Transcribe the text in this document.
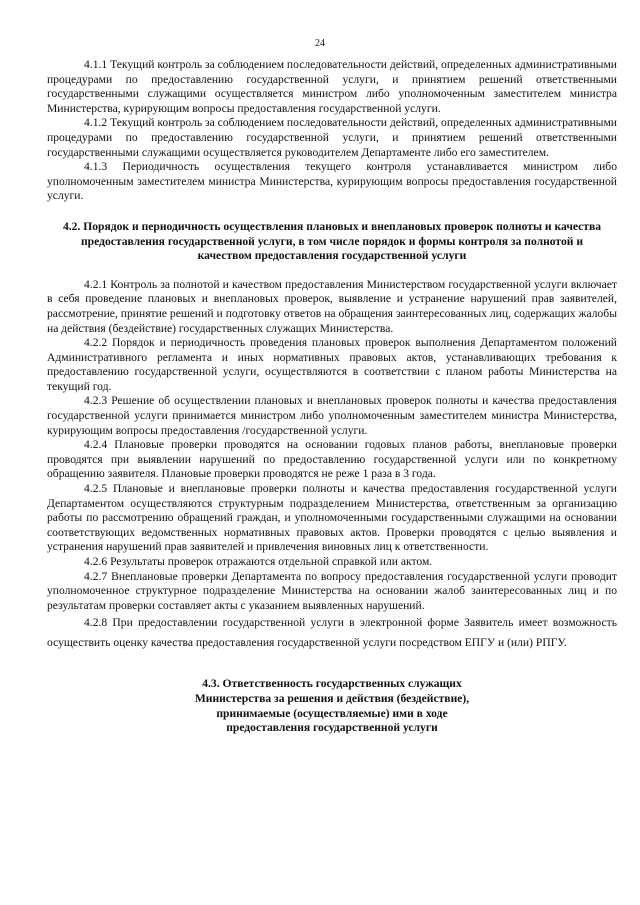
24

4.1.1 Текущий контроль за соблюдением последовательности действий, определенных административными процедурами по предоставлению государственной услуги, и принятием решений ответственными государственными служащими осуществляется министром либо уполномоченным заместителем министра Министерства, курирующим вопросы предоставления государственной услуги.

4.1.2 Текущий контроль за соблюдением последовательности действий, определенных административными процедурами по предоставлению государственной услуги, и принятием решений ответственными государственными служащими осуществляется руководителем Департаменте либо его заместителем.

4.1.3 Периодичность осуществления текущего контроля устанавливается министром либо уполномоченным заместителем министра Министерства, курирующим вопросы предоставления государственной услуги.

4.2. Порядок и периодичность осуществления плановых и внеплановых проверок полноты и качества предоставления государственной услуги, в том числе порядок и формы контроля за полнотой и качеством предоставления государственной услуги

4.2.1 Контроль за полнотой и качеством предоставления Министерством государственной услуги включает в себя проведение плановых и внеплановых проверок, выявление и устранение нарушений прав заявителей, рассмотрение, принятие решений и подготовку ответов на обращения заинтересованных лиц, содержащих жалобы на действия (бездействие) государственных служащих Министерства.

4.2.2 Порядок и периодичность проведения плановых проверок выполнения Департаментом положений Административного регламента и иных нормативных правовых актов, устанавливающих требования к предоставлению государственной услуги, осуществляются в соответствии с планом работы Министерства на текущий год.

4.2.3 Решение об осуществлении плановых и внеплановых проверок полноты и качества предоставления государственной услуги принимается министром либо уполномоченным заместителем министра Министерства, курирующим вопросы предоставления /государственной услуги.

4.2.4 Плановые проверки проводятся на основании годовых планов работы, внеплановые проверки проводятся при выявлении нарушений по предоставлению государственной услуги или по конкретному обращению заявителя. Плановые проверки проводятся не реже 1 раза в 3 года.

4.2.5 Плановые и внеплановые проверки полноты и качества предоставления государственной услуги Департаментом осуществляются структурным подразделением Министерства, ответственным за организацию работы по рассмотрению обращений граждан, и уполномоченными государственными служащими на основании соответствующих ведомственных нормативных правовых актов. Проверки проводятся с целью выявления и устранения нарушений прав заявителей и привлечения виновных лиц к ответственности.

4.2.6 Результаты проверок отражаются отдельной справкой или актом.

4.2.7 Внеплановые проверки Департамента по вопросу предоставления государственной услуги проводит уполномоченное структурное подразделение Министерства на основании жалоб заинтересованных лиц и по результатам проверки составляет акты с указанием выявленных нарушений.

4.2.8 При предоставлении государственной услуги в электронной форме Заявитель имеет возможность осуществить оценку качества предоставления государственной услуги посредством ЕПГУ и (или) РПГУ.

4.3. Ответственность государственных служащих Министерства за решения и действия (бездействие), принимаемые (осуществляемые) ими в ходе предоставления государственной услуги
